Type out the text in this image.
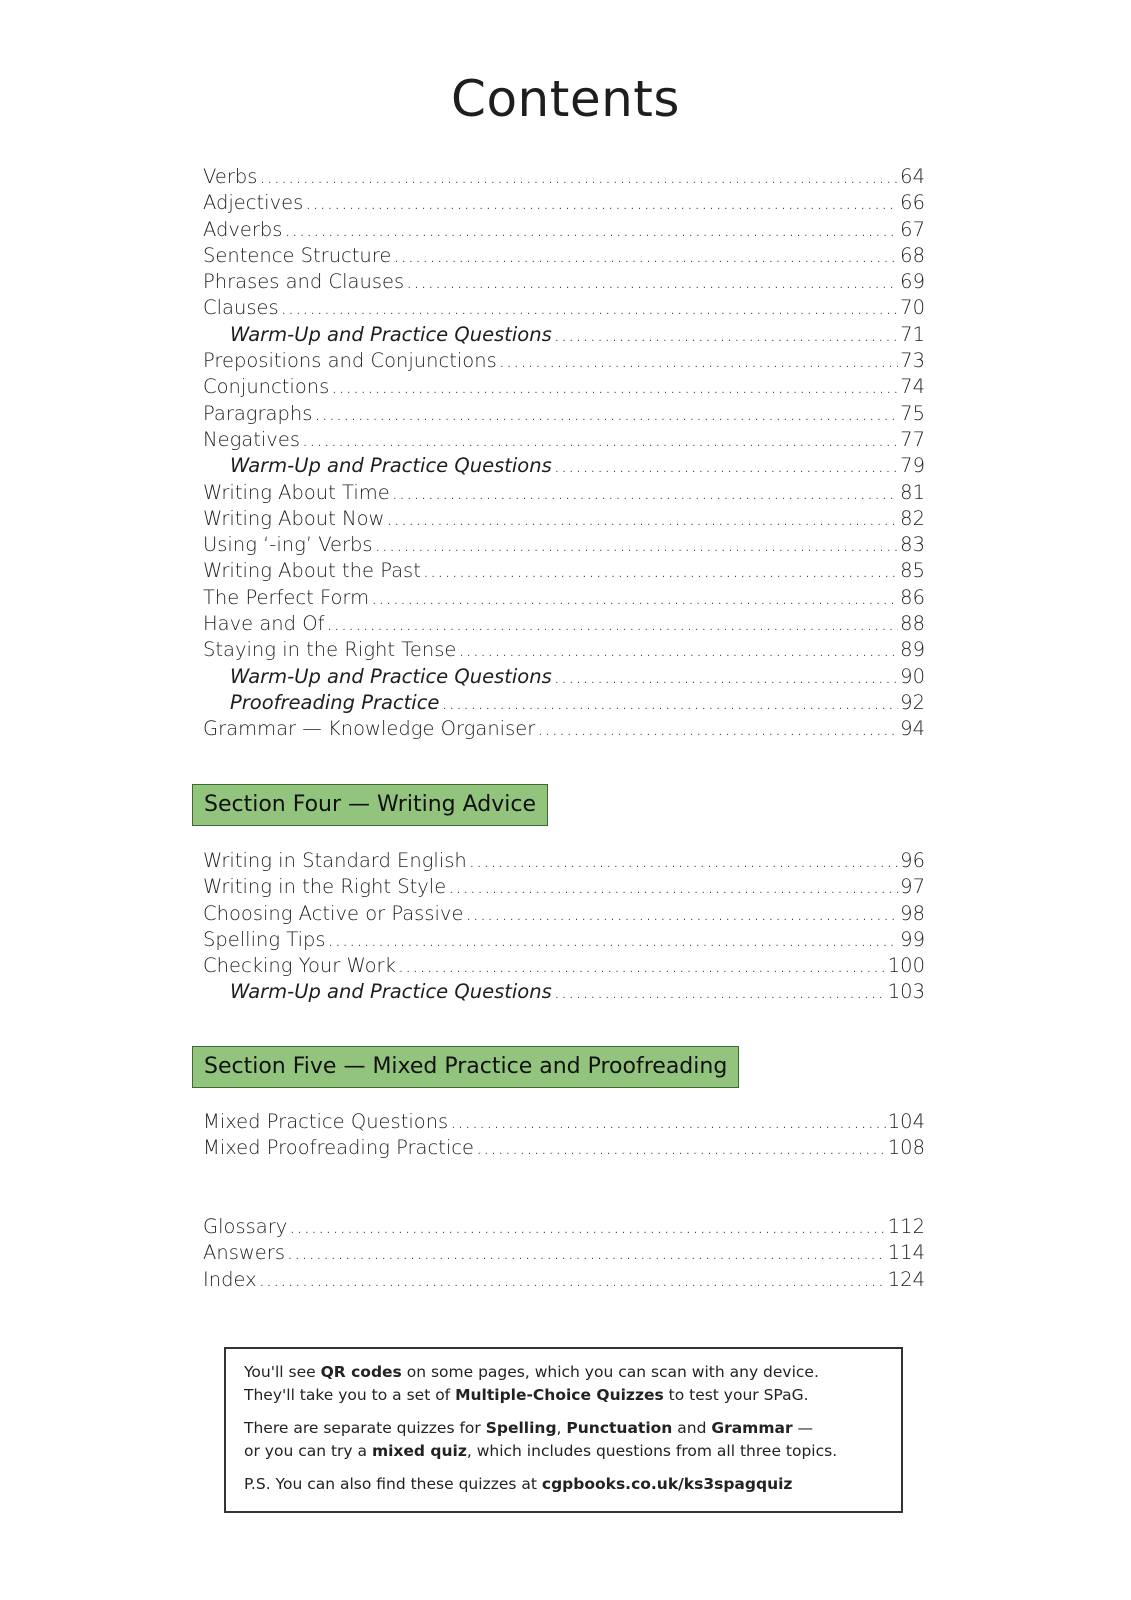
Contents
Verbs .....	64
Adjectives .....	66
Adverbs .....	67
Sentence Structure .....	68
Phrases and Clauses .....	69
Clauses .....	70
Warm-Up and Practice Questions .....	71
Prepositions and Conjunctions .....	73
Conjunctions .....	74
Paragraphs .....	75
Negatives .....	77
Warm-Up and Practice Questions .....	79
Writing About Time .....	81
Writing About Now .....	82
Using ‘-ing’ Verbs .....	83
Writing About the Past .....	85
The Perfect Form .....	86
Have and Of .....	88
Staying in the Right Tense .....	89
Warm-Up and Practice Questions .....	90
Proofreading Practice .....	92
Grammar — Knowledge Organiser .....	94
Section Four — Writing Advice
Writing in Standard English .....	96
Writing in the Right Style .....	97
Choosing Active or Passive .....	98
Spelling Tips .....	99
Checking Your Work .....	100
Warm-Up and Practice Questions .....	103
Section Five — Mixed Practice and Proofreading
Mixed Practice Questions .....	104
Mixed Proofreading Practice .....	108
Glossary .....	112
Answers .....	114
Index .....	124

You'll see QR codes on some pages, which you can scan with any device.
They'll take you to a set of Multiple-Choice Quizzes to test your SPaG.

There are separate quizzes for Spelling, Punctuation and Grammar —
or you can try a mixed quiz, which includes questions from all three topics.

P.S. You can also find these quizzes at cgpbooks.co.uk/ks3spagquiz
